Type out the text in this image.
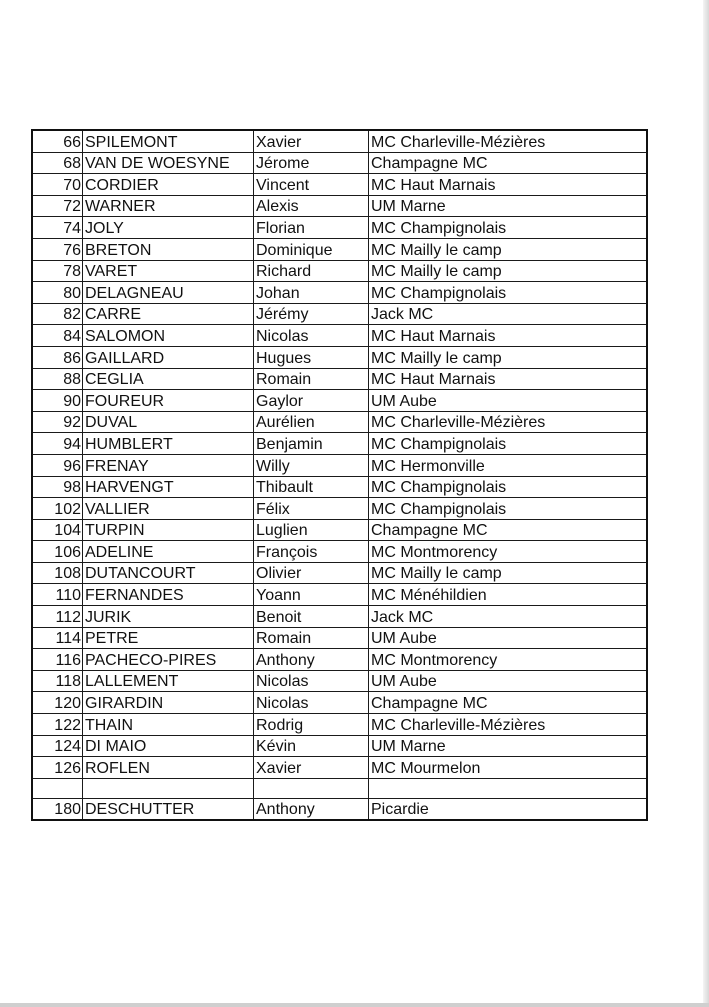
66	SPILEMONT	Xavier	MC Charleville-Mézières
68	VAN DE WOESYNE	Jérome	Champagne MC
70	CORDIER	Vincent	MC Haut Marnais
72	WARNER	Alexis	UM Marne
74	JOLY	Florian	MC Champignolais
76	BRETON	Dominique	MC Mailly le camp
78	VARET	Richard	MC Mailly le camp
80	DELAGNEAU	Johan	MC Champignolais
82	CARRE	Jérémy	Jack MC
84	SALOMON	Nicolas	MC Haut Marnais
86	GAILLARD	Hugues	MC Mailly le camp
88	CEGLIA	Romain	MC Haut Marnais
90	FOUREUR	Gaylor	UM Aube
92	DUVAL	Aurélien	MC Charleville-Mézières
94	HUMBLERT	Benjamin	MC Champignolais
96	FRENAY	Willy	MC Hermonville
98	HARVENGT	Thibault	MC Champignolais
102	VALLIER	Félix	MC Champignolais
104	TURPIN	Luglien	Champagne MC
106	ADELINE	François	MC Montmorency
108	DUTANCOURT	Olivier	MC Mailly le camp
110	FERNANDES	Yoann	MC Ménéhildien
112	JURIK	Benoit	Jack MC
114	PETRE	Romain	UM Aube
116	PACHECO-PIRES	Anthony	MC Montmorency
118	LALLEMENT	Nicolas	UM Aube
120	GIRARDIN	Nicolas	Champagne MC
122	THAIN	Rodrig	MC Charleville-Mézières
124	DI MAIO	Kévin	UM Marne
126	ROFLEN	Xavier	MC Mourmelon

180	DESCHUTTER	Anthony	Picardie
